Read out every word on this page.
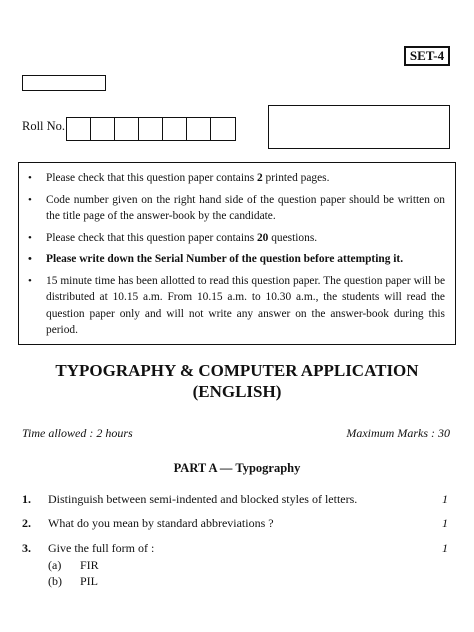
SET-4
Roll No.
• Please check that this question paper contains 2 printed pages.
• Code number given on the right hand side of the question paper should be written on the title page of the answer-book by the candidate.
• Please check that this question paper contains 20 questions.
• Please write down the Serial Number of the question before attempting it.
• 15 minute time has been allotted to read this question paper. The question paper will be distributed at 10.15 a.m. From 10.15 a.m. to 10.30 a.m., the students will read the question paper only and will not write any answer on the answer-book during this period.
TYPOGRAPHY & COMPUTER APPLICATION
(ENGLISH)
Time allowed : 2 hours	Maximum Marks : 30
PART A — Typography
1. Distinguish between semi-indented and blocked styles of letters.	1
2. What do you mean by standard abbreviations ?	1
3. Give the full form of :	1
(a) FIR
(b) PIL
